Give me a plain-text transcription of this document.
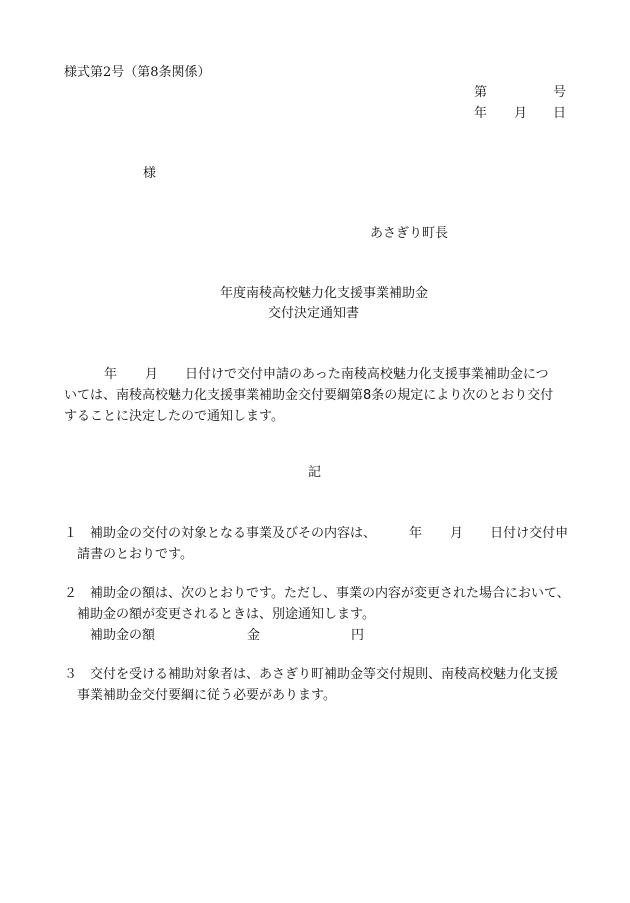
様式第2号（第8条関係）
第	号
年 月 日
様
あさぎり町長
年度南稜高校魅力化支援事業補助金
交付決定通知書
年 月 日付けで交付申請のあった南稜高校魅力化支援事業補助金につ
いては、南稜高校魅力化支援事業補助金交付要綱第8条の規定により次のとおり交付
することに決定したので通知します。
記
１ 補助金の交付の対象となる事業及びその内容は、	年 月 日付け交付申
請書のとおりです。
２ 補助金の額は、次のとおりです。ただし、事業の内容が変更された場合において、
補助金の額が変更されるときは、別途通知します。
補助金の額	金	円
３ 交付を受ける補助対象者は、あさぎり町補助金等交付規則、南稜高校魅力化支援
事業補助金交付要綱に従う必要があります。
